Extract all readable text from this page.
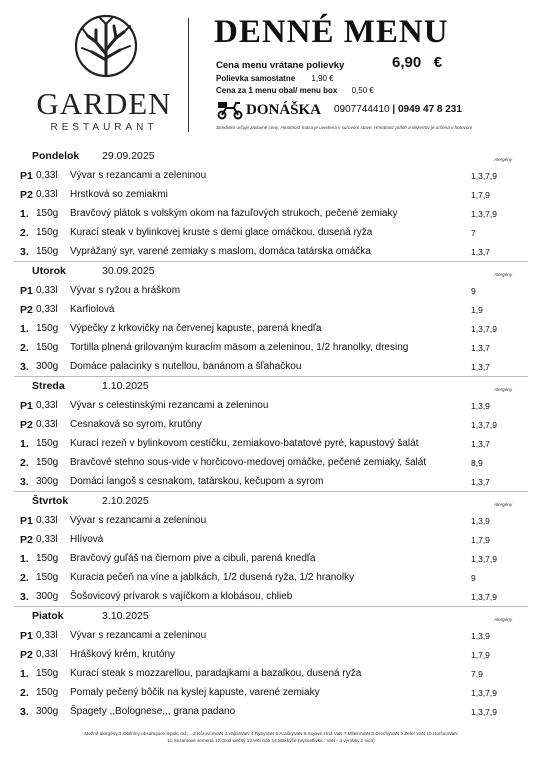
GARDEN
RESTAURANT
DENNÉ MENU
Cena menu vrátane polievky	6,90 €
Polievka samostatne 1,90 €
Cena za 1 menu obal/ menu box 0,50 €
DONÁŠKA 0907744410 | 0949 47 8 231
Stredisko určuje zmluvné ceny. Hmotnosť mäsa je uvedená v surovom stave. Hmotnosť príloh a dezertov je určená v hotovom
Pondelok 29.09.2025	Alergény
P1 0,33l Vývar s rezancami a zeleninou	1,3,7,9
P2 0,33l Hrstková so zemiakmi	1,7,9
1. 150g Bravčový plátok s volským okom na fazuľových strukoch, pečené zemiaky	1,3,7,9
2. 150g Kurací steak v bylinkovej kruste s demi glace omáčkou, dusená ryža	7
3. 150g Vyprážaný syr, varené zemiaky s maslom, domáca tatárska omáčka	1,3,7
Utorok	30.09.2025	Alergény
P1 0,33l Vývar s ryžou a hráškom	9
P2 0,33l Karfiolová	1,9
1. 150g Výpečky z krkovičky na červenej kapuste, parená knedľa	1,3,7,9
2. 150g Tortilla plnená grilovaným kuracím mäsom a zeleninou, 1/2 hranolky, dresing	1,3,7
3. 300g Domáce palacinky s nutellou, banánom a šľahačkou	1,3,7
Streda	1.10.2025	Alergény
P1 0,33l Vývar s celestinskými rezancami a zeleninou	1,3,9
P2 0,33l Cesnaková so syrom, krutóny	1,3,7,9
1. 150g Kurací rezeň v bylinkovom cestíčku, zemiakovo-batatové pyré, kapustový šalát	1,3,7
2. 150g Bravčové stehno sous-vide v horčicovo-medovej omáčke, pečené zemiaky, šalát	8,9
3. 300g Domáci langoš s cesnakom, tatárskou, kečupom a syrom	1,3,7
Štvrtok	2.10.2025	Alergény
P1 0,33l Vývar s rezancami a zeleninou	1,3,9
P2 0,33l Hlívová	1,7,9
1. 150g Bravčový guľáš na čiernom pive a cibuli, parená knedľa	1,3,7,9
2. 150g Kuracia pečeň na víne a jablkách, 1/2 dusená ryža, 1/2 hranolky	9
3. 300g Šošovicový prívarok s vajíčkom a klobásou, chlieb	1,3,7,9
Piatok	3.10.2025	Alergény
P1 0,33l Vývar s rezancami a zeleninou	1,3,9
P2 0,33l Hráškový krém, krutóny	1,7,9
1. 150g Kurací steak s mozzarellou, paradajkami a bazalkou, dusená ryža	7,9
2. 150g Pomaly pečený bôčik na kyslej kapuste, varené zemiaky	1,3,7,9
3. 300g Špagety ,,Bolognese,,, grana padano	1,3,7,9
Možné alergény:1.Obilniny obsahujúce lepok, raž,... 2.KôrovceVaN 3.VajciaVaN 4.RybyVaN 5.AraškyVaN 6.Sojové zrná VaN 7.MliekoVaN 8.OrechyVaN 9.Zeler VaN 10.HorčicaVaN
11.Sezamové semená 12.Oxid siričitý 13.Vlčí bôb 14.Mäkkýše (Vysvetlivka : VaN - a výrobky z nich)
